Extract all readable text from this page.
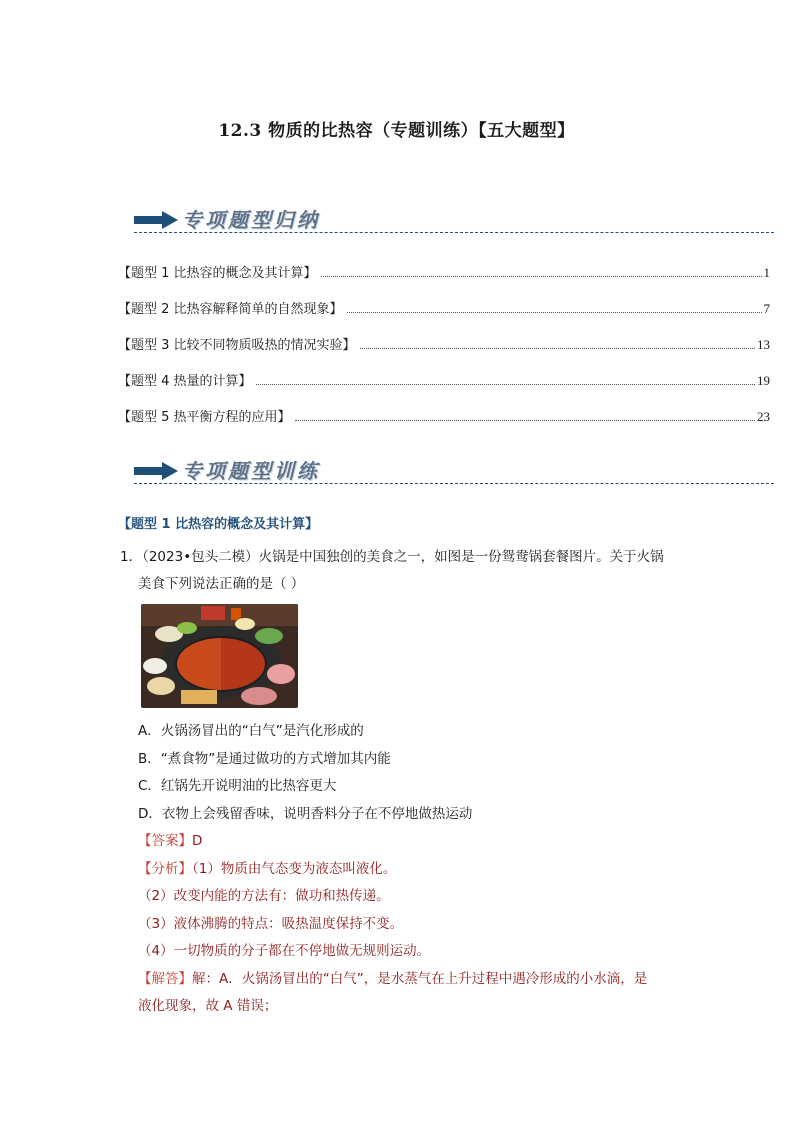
12.3 物质的比热容（专题训练）【五大题型】
专项题型归纳
【题型 1 比热容的概念及其计算】	1
【题型 2 比热容解释简单的自然现象】	7
【题型 3 比较不同物质吸热的情况实验】	13
【题型 4 热量的计算】	19
【题型 5 热平衡方程的应用】	23
专项题型训练
【题型 1 比热容的概念及其计算】
1．（2023•包头二模）火锅是中国独创的美食之一，如图是一份鸳鸯锅套餐图片。关于火锅
美食下列说法正确的是（ ）
A．火锅汤冒出的“白气”是汽化形成的
B．“煮食物”是通过做功的方式增加其内能
C．红锅先开说明油的比热容更大
D．衣物上会残留香味，说明香料分子在不停地做热运动
【答案】D
【分析】（1）物质由气态变为液态叫液化。
（2）改变内能的方法有：做功和热传递。
（3）液体沸腾的特点：吸热温度保持不变。
（4）一切物质的分子都在不停地做无规则运动。
【解答】解：A．火锅汤冒出的“白气”，是水蒸气在上升过程中遇冷形成的小水滴，是
液化现象，故 A 错误；
